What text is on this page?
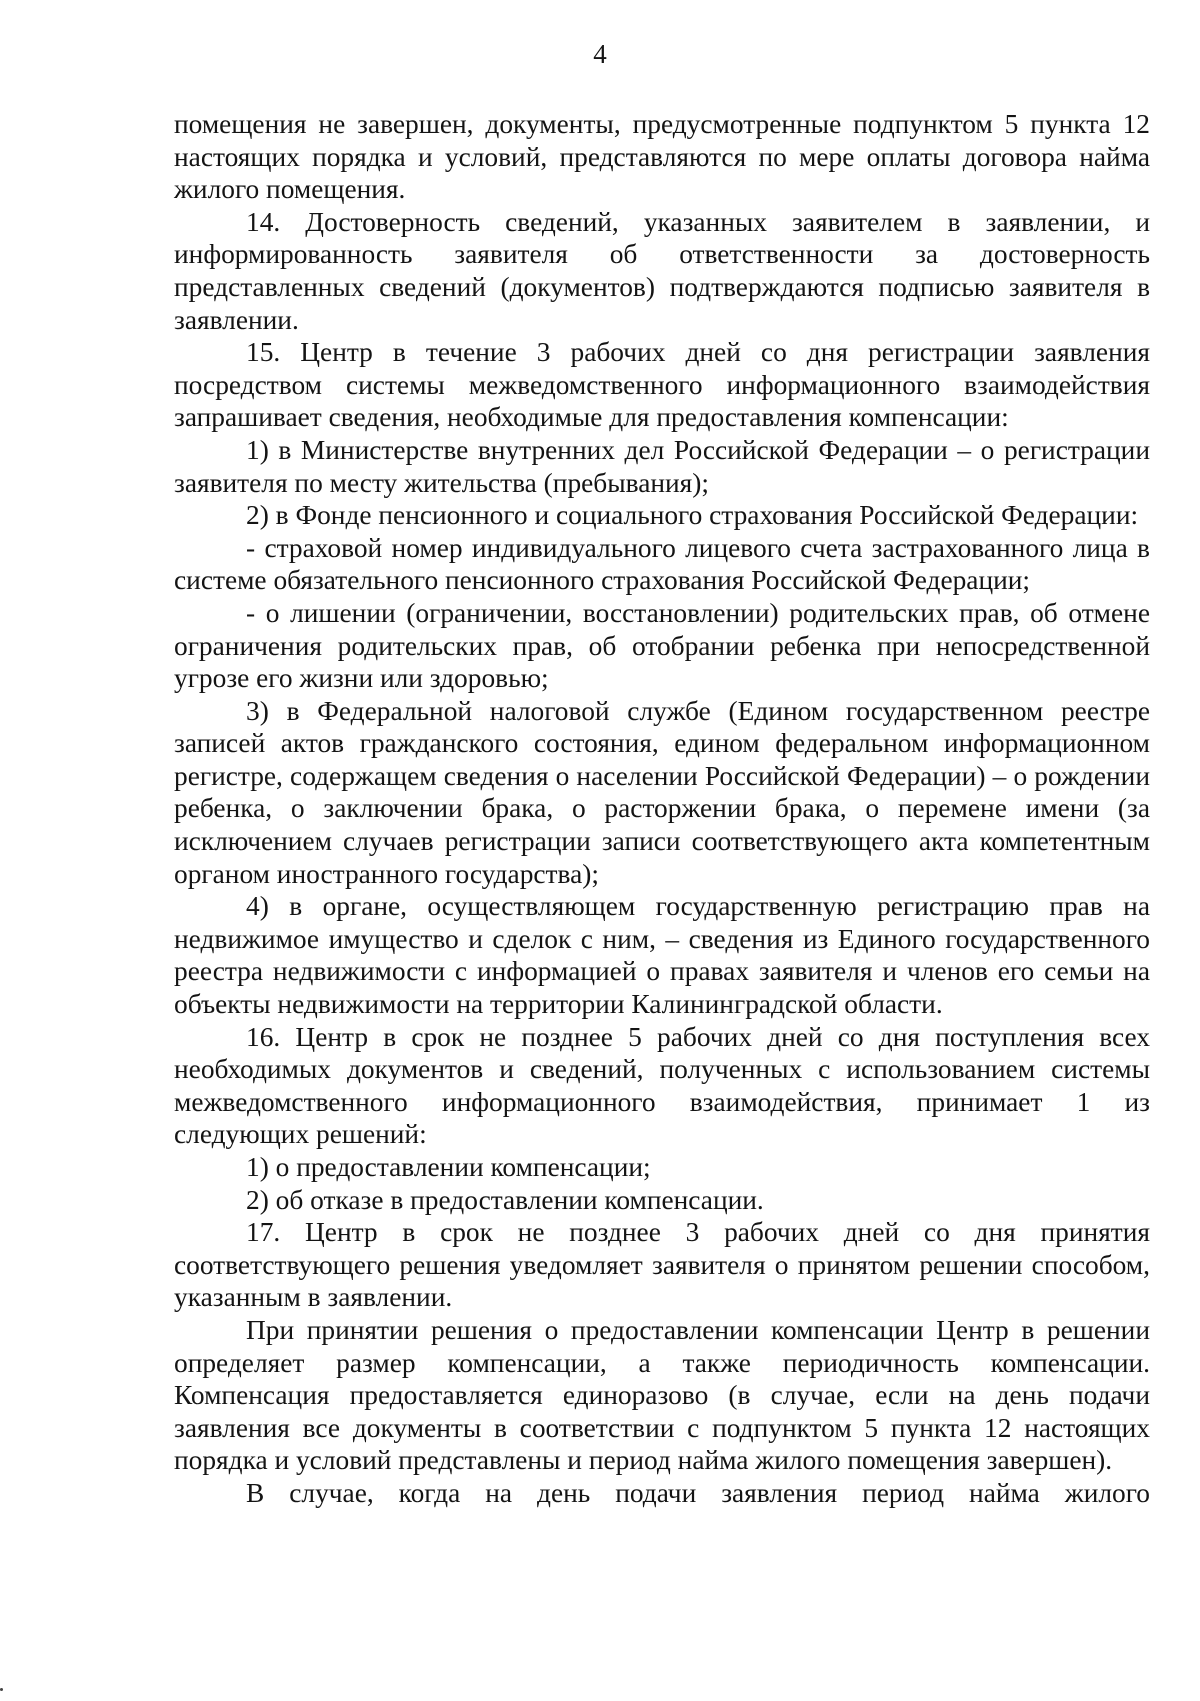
4

помещения не завершен, документы, предусмотренные подпунктом 5 пункта 12 настоящих порядка и условий, представляются по мере оплаты договора найма жилого помещения.

14. Достоверность сведений, указанных заявителем в заявлении, и информированность заявителя об ответственности за достоверность представленных сведений (документов) подтверждаются подписью заявителя в заявлении.

15. Центр в течение 3 рабочих дней со дня регистрации заявления посредством системы межведомственного информационного взаимодействия запрашивает сведения, необходимые для предоставления компенсации:

1) в Министерстве внутренних дел Российской Федерации – о регистрации заявителя по месту жительства (пребывания);

2) в Фонде пенсионного и социального страхования Российской Федерации:

- страховой номер индивидуального лицевого счета застрахованного лица в системе обязательного пенсионного страхования Российской Федерации;

- о лишении (ограничении, восстановлении) родительских прав, об отмене ограничения родительских прав, об отобрании ребенка при непосредственной угрозе его жизни или здоровью;

3) в Федеральной налоговой службе (Едином государственном реестре записей актов гражданского состояния, едином федеральном информационном регистре, содержащем сведения о населении Российской Федерации) – о рождении ребенка, о заключении брака, о расторжении брака, о перемене имени (за исключением случаев регистрации записи соответствующего акта компетентным органом иностранного государства);

4) в органе, осуществляющем государственную регистрацию прав на недвижимое имущество и сделок с ним, – сведения из Единого государственного реестра недвижимости с информацией о правах заявителя и членов его семьи на объекты недвижимости на территории Калининградской области.

16. Центр в срок не позднее 5 рабочих дней со дня поступления всех необходимых документов и сведений, полученных с использованием системы межведомственного информационного взаимодействия, принимает 1 из следующих решений:

1) о предоставлении компенсации;

2) об отказе в предоставлении компенсации.

17. Центр в срок не позднее 3 рабочих дней со дня принятия соответствующего решения уведомляет заявителя о принятом решении способом, указанным в заявлении.

При принятии решения о предоставлении компенсации Центр в решении определяет размер компенсации, а также периодичность компенсации. Компенсация предоставляется единоразово (в случае, если на день подачи заявления все документы в соответствии с подпунктом 5 пункта 12 настоящих порядка и условий представлены и период найма жилого помещения завершен).

В случае, когда на день подачи заявления период найма жилого
